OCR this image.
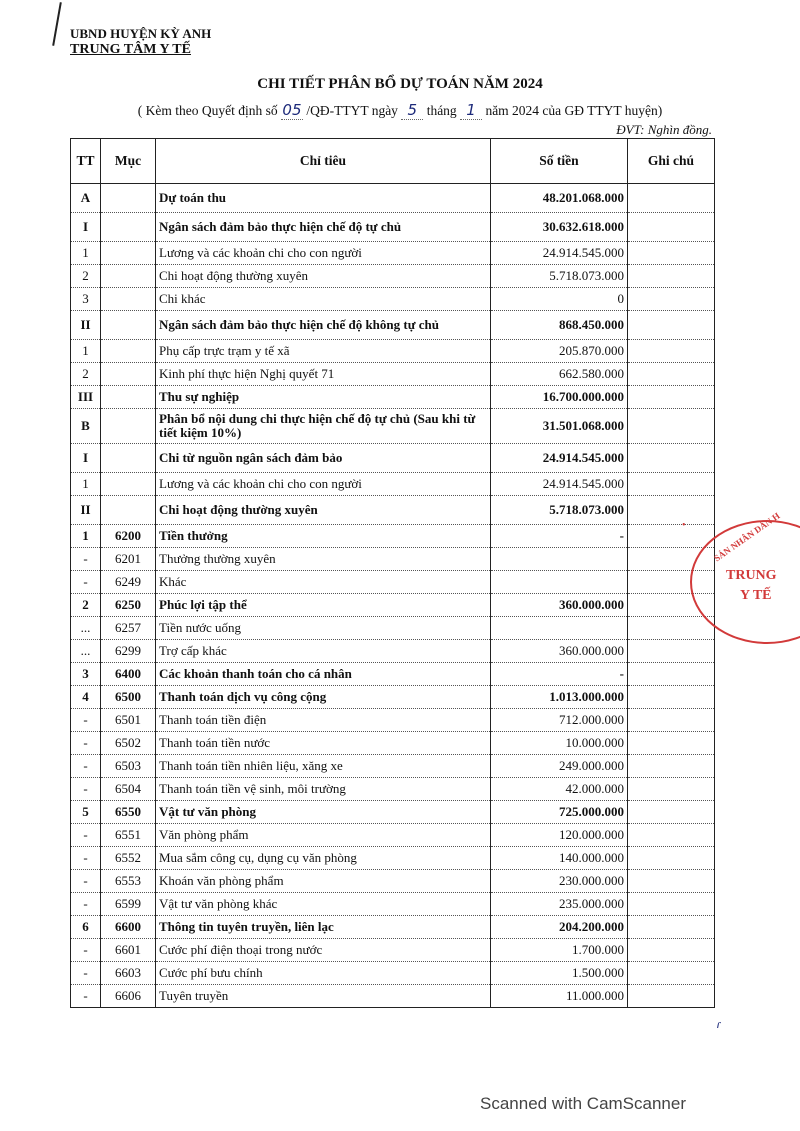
UBND HUYỆN KỲ ANH
TRUNG TÂM Y TẾ
CHI TIẾT PHÂN BỔ DỰ TOÁN NĂM 2024
( Kèm theo Quyết định số 05 /QĐ-TTYT ngày 5 tháng 1 năm 2024 của GĐ TTYT huyện)
ĐVT: Nghìn đồng.
TT	Mục	Chỉ tiêu	Số tiền	Ghi chú
A		Dự toán thu	48.201.068.000	
I		Ngân sách đảm bảo thực hiện chế độ tự chủ	30.632.618.000	
1		Lương và các khoản chi cho con người	24.914.545.000	
2		Chi hoạt động thường xuyên	5.718.073.000	
3		Chi khác	0	
II		Ngân sách đảm bảo thực hiện chế độ không tự chủ	868.450.000	
1		Phụ cấp trực trạm y tế xã	205.870.000	
2		Kinh phí thực hiện Nghị quyết 71	662.580.000	
III		Thu sự nghiệp	16.700.000.000	
B		Phân bổ nội dung chi thực hiện chế độ tự chủ (Sau khi từ tiết kiệm 10%)	31.501.068.000	
I		Chi từ nguồn ngân sách đảm bảo	24.914.545.000	
1		Lương và các khoản chi cho con người	24.914.545.000	
II		Chi hoạt động thường xuyên	5.718.073.000	
1	6200	Tiền thưởng	-	
-	6201	Thưởng thường xuyên		
-	6249	Khác		
2	6250	Phúc lợi tập thể	360.000.000	
...	6257	Tiền nước uống		
...	6299	Trợ cấp khác	360.000.000	
3	6400	Các khoản thanh toán cho cá nhân	-	
4	6500	Thanh toán dịch vụ công cộng	1.013.000.000	
-	6501	Thanh toán tiền điện	712.000.000	
-	6502	Thanh toán tiền nước	10.000.000	
-	6503	Thanh toán tiền nhiên liệu, xăng xe	249.000.000	
-	6504	Thanh toán tiền vệ sinh, môi trường	42.000.000	
5	6550	Vật tư văn phòng	725.000.000	
-	6551	Văn phòng phẩm	120.000.000	
-	6552	Mua sắm công cụ, dụng cụ văn phòng	140.000.000	
-	6553	Khoán văn phòng phẩm	230.000.000	
-	6599	Vật tư văn phòng khác	235.000.000	
6	6600	Thông tin tuyên truyền, liên lạc	204.200.000	
-	6601	Cước phí điện thoại trong nước	1.700.000	
-	6603	Cước phí bưu chính	1.500.000	
-	6606	Tuyên truyền	11.000.000	
•	SẢN NHÂN DÂN H
TRUNG
Y TẾ
ɾ
Scanned with CamScanner
